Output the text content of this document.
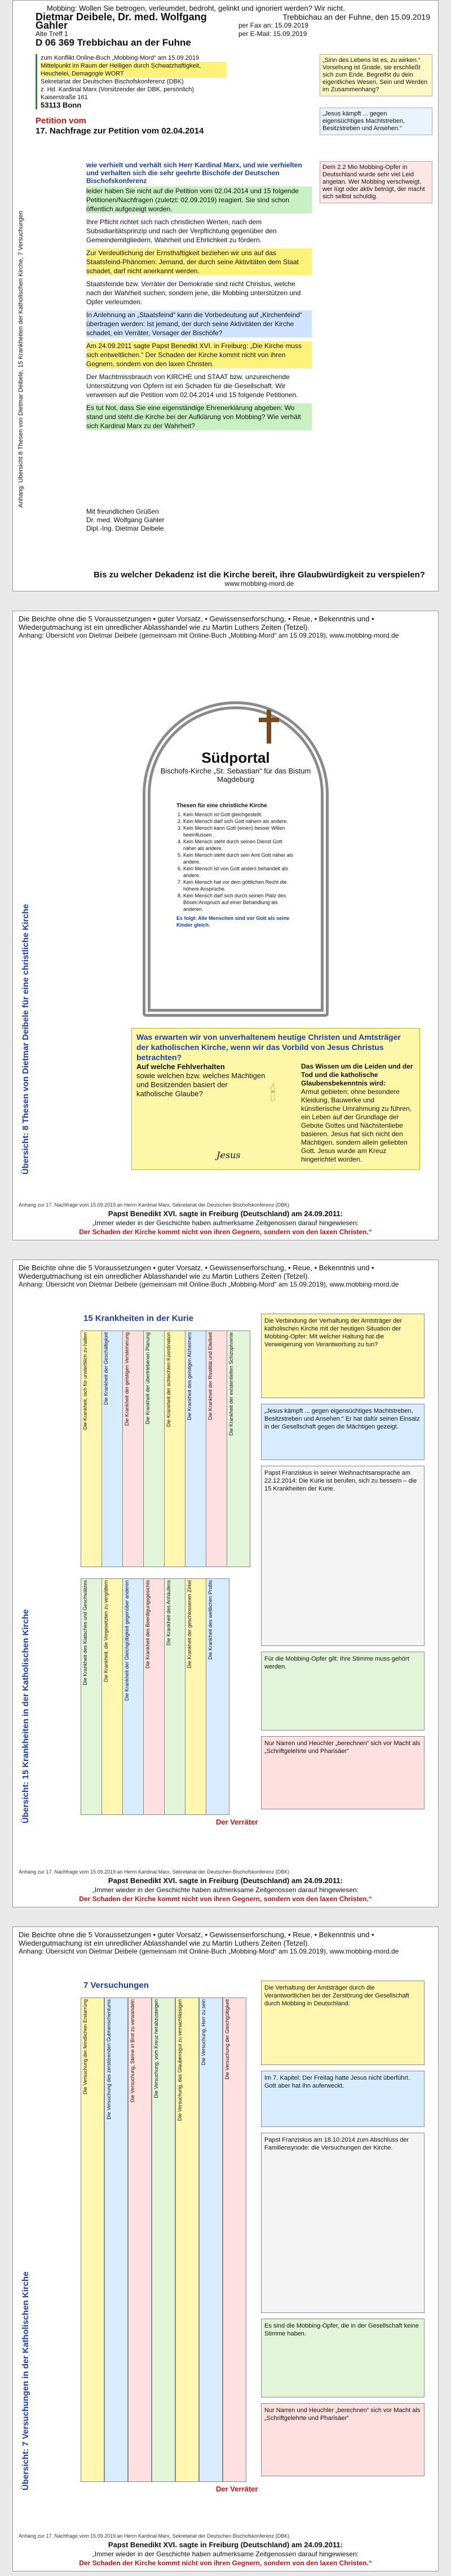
Mobbing: Wollen Sie betrogen, verleumdet, bedroht, gelinkt und ignoriert werden? Wir nicht.
Dietmar Deibele, Dr. med. Wolfgang Gahler
Alte Treff 1
D 06 369 Trebbichau an der Fuhne
Trebbichau an der Fuhne, den 15.09.2019
per Fax an: 15.09.2019
per E-Mail: 15.09.2019
zum Konflikt Online-Buch „Mobbing-Mord“ am 15.09.2019
Mittelpunkt im Raum der Heiligen durch Schwatzhaftigkeit, Heuchelei, Demagogie WORT
Sekretariat der Deutschen Bischofskonferenz (DBK)
z. Hd. Kardinal Marx (Vorsitzender der DBK, persönlich)
Kaiserstraße 161
53113 Bonn
„Sinn des Lebens ist es, zu wirken.“ Vorsehung ist Gnade, sie erschließt sich zum Ende. Begreifst du dein eigentliches Wesen, Sein und Werden im Zusammenhang?
„Jesus kämpft ... gegen eigensüchtiges Machtstreben, Besitzstreben und Ansehen.“
Dem 2.2 Mio Mobbing-Opfer in Deutschland wurde sehr viel Leid angetan. Wer Mobbing verschweigt, wer lügt oder aktiv betrügt, der macht sich selbst schuldig.
Petition vom
17. Nachfrage zur Petition vom 02.04.2014
wie verhielt und verhält sich Herr Kardinal Marx, und wie verhielten und verhalten sich die sehr geehrte Bischöfe der Deutschen Bischofskonferenz

leider haben Sie nicht auf die Petition vom 02.04.2014 und 15 folgende Petitionen/Nachfragen (zuletzt: 02.09.2019) reagiert. Sie sind schon öffentlich aufgezeigt worden.

Ihre Pflicht richtet sich nach christlichen Werten, nach dem Subsidiaritätsprinzip und nach der Verpflichtung gegenüber den Gemeindemitgliedern, Wahrheit und Ehrlichkeit zu fördern.

Zur Verdeutlichung der Ernsthaftigkeit beziehen wir uns auf das Staatsfeind-Phänomen: Jemand, der durch seine Aktivitäten dem Staat schadet, darf nicht anerkannt werden.

Staatsfeinde bzw. Verräter der Demokratie sind nicht Christus, welche nach der Wahrheit suchen, sondern jene, die Mobbing unterstützen und Opfer verleumden.

In Anlehnung an „Staatsfeind“ kann die Vorbedeutung auf „Kirchenfeind“ übertragen werden: Ist jemand, der durch seine Aktivitäten der Kirche schadet, ein Verräter, Versager der Bischöfe?

Am 24.09.2011 sagte Papst Benedikt XVI. in Freiburg: „Die Kirche muss sich entweltlichen.“ Der Schaden der Kirche kommt nicht von ihren Gegnern, sondern von den laxen Christen.

Der Machtmissbrauch von KIRCHE und STAAT bzw. unzureichende Unterstützung von Opfern ist ein Schaden für die Gesellschaft. Wir verweisen auf die Petition vom 02.04.2014 und 15 folgende Petitionen.

Es tut Not, dass Sie eine eigenständige Ehrenerklärung abgeben: Wo stand und steht die Kirche bei der Aufklärung von Mobbing? Wie verhält sich Kardinal Marx zu der Wahrheit?

Mit freundlichen Grüßen
Dr. med. Wolfgang Gahler
Dipl.-Ing. Dietmar Deibele
Anhang: Übersicht 8 Thesen von Dietmar Deibele, 15 Krankheiten der Katholischen Kirche, 7 Versuchungen
Bis zu welcher Dekadenz ist die Kirche bereit, ihre Glaubwürdigkeit zu verspielen?
www.mobbing-mord.de
Die Beichte ohne die 5 Voraussetzungen • guter Vorsatz, • Gewissenserforschung, • Reue, • Bekenntnis und • Wiedergutmachung ist ein unredlicher Ablasshandel wie zu Martin Luthers Zeiten (Tetzel).
Anhang: Übersicht von Dietmar Deibele (gemeinsam mit Online-Buch „Mobbing-Mord“ am 15.09.2019), www.mobbing-mord.de
Übersicht: 8 Thesen von Dietmar Deibele für eine christliche Kirche
Südportal
Bischofs-Kirche „St. Sebastian“ für das Bistum Magdeburg
Thesen für eine christliche Kirche
1. Kein Mensch ist Gott gleichgestellt.
2. Kein Mensch darf sich Gott nähern als andere.
3. Kein Mensch kann Gott (einen) besser Willen beeinflussen.
4. Kein Mensch steht durch seinen Dienst Gott näher als andere.
5. Kein Mensch steht durch sein Amt Gott näher als andere.
6. Kein Mensch ist von Gott anders behandelt als andere.
7. Kein Mensch hat vor dem göttlichen Recht die höhere Ansprüche.
8. Kein Mensch darf sich durch seinen Platz des Bösen Anspruch auf einer Behandlung als anderen.
Es folgt: Alle Menschen sind vor Gott als seine Kinder gleich.
Was erwarten wir von unverhaltenem heutige Christen und Amtsträger der katholischen Kirche, wenn wir das Vorbild von Jesus Christus betrachten?
Auf welche Fehlverhalten
sowie welchen bzw. welches Mächtigen und Besitzenden basiert der katholische Glaube?	🕯
Das Wissen um die Leiden und der Tod und die katholische Glaubensbekenntnis wird:
Armut gebieten; ohne besondere Kleidung, Bauwerke und künstlerische Umrahmung zu führen, ein Leben auf der Grundlage der Gebote Gottes und Nächstenliebe basieren. Jesus hat sich nicht den Mächtigen, sondern allein geliebten Gott. Jesus wurde am Kreuz hingerichtet worden.
Jesus
Anhang zur 17. Nachfrage vom 15.09.2019 an Herrn Kardinal Marx, Sekretariat der Deutschen Bischofskonferenz (DBK)
Papst Benedikt XVI. sagte in Freiburg (Deutschland) am 24.09.2011:
„Immer wieder in der Geschichte haben aufmerksame Zeitgenossen darauf hingewiesen:
Der Schaden der Kirche kommt nicht von ihren Gegnern, sondern von den laxen Christen.“
Die Beichte ohne die 5 Voraussetzungen • guter Vorsatz, • Gewissenserforschung, • Reue, • Bekenntnis und • Wiedergutmachung ist ein unredlicher Ablasshandel wie zu Martin Luthers Zeiten (Tetzel).
Anhang: Übersicht von Dietmar Deibele (gemeinsam mit Online-Buch „Mobbing-Mord“ am 15.09.2019), www.mobbing-mord.de
Übersicht: 15 Krankheiten in der Katholischen Kirche
15 Krankheiten in der Kurie
Die Krankheit, sich für unsterblich zu halten	Die Krankheit der Geschäftigkeit	Die Krankheit der geistigen Versteinerung	Die Krankheit der übertriebenen Planung	Die Krankheit der schlechten Koordination	Die Krankheit des geistigen Alzheimers	Die Krankheit der Rivalität und Eitelkeit	Die Krankheit der existentiellen Schizophrenie
Die Krankheit des Klatsches und Geschwätzes	Die Krankheit, die Vorgesetzten zu vergöttern	Die Krankheit der Gleichgültigkeit gegenüber anderen	Die Krankheit des Beerdigungsgesichts	Die Krankheit des Anhäufens	Die Krankheit der geschlossenen Zirkel	Die Krankheit des weltlichen Profits
Die Verbindung der Verhaltung der Amtsträger der katholischen Kirche mit der heutigen Situation der Mobbing-Opfer: Mit welcher Haltung hat die Verweigerung von Verantwortung zu tun?
„Jesus kämpft ... gegen eigensüchtiges Machtstreben, Besitzstreben und Ansehen.“ Er hat dafür seinen Einsatz in der Gesellschaft gegen die Mächtigen gezeigt.
Papst Franziskus in seiner Weihnachtsansprache am 22.12.2014: Die Kurie ist berufen, sich zu bessern – die 15 Krankheiten der Kurie.
Für die Mobbing-Opfer gilt: Ihre Stimme muss gehört werden.
Nur Narren und Heuchler „berechnen“ sich vor Macht als „Schriftgelehrte und Pharisäer“
Der Verräter
Anhang zur 17. Nachfrage vom 15.09.2019 an Herrn Kardinal Marx, Sekretariat der Deutschen Bischofskonferenz (DBK)
Papst Benedikt XVI. sagte in Freiburg (Deutschland) am 24.09.2011:
„Immer wieder in der Geschichte haben aufmerksame Zeitgenossen darauf hingewiesen:
Der Schaden der Kirche kommt nicht von ihren Gegnern, sondern von den laxen Christen.“
Die Beichte ohne die 5 Voraussetzungen • guter Vorsatz, • Gewissenserforschung, • Reue, • Bekenntnis und • Wiedergutmachung ist ein unredlicher Ablasshandel wie zu Martin Luthers Zeiten (Tetzel).
Anhang: Übersicht von Dietmar Deibele (gemeinsam mit Online-Buch „Mobbing-Mord“ am 15.09.2019), www.mobbing-mord.de
Übersicht: 7 Versuchungen in der Katholischen Kirche
7 Versuchungen
Die Versuchung der feindlichen Erstarrung	Die Versuchung des zerstörenden Gutmenschentums	Die Versuchung, Steine in Brot zu verwandeln	Die Versuchung, vom Kreuz herabzusteigen	Die Versuchung, das Glaubensgut zu vernachlässigen	Die Versuchung, Herr zu sein	Die Versuchung der Gleichgültigkeit
Die Verhaltung der Amtsträger durch die Verantwortlichen bei der Zerstörung der Gesellschaft durch Mobbing in Deutschland.
Im 7. Kapitel: Der Freitag hatte Jesus nicht überführt. Gott aber hat ihn auferweckt.
Papst Franziskus am 18.10.2014 zum Abschluss der Familiensynode: die Versuchungen der Kirche.
Es sind die Mobbing-Opfer, die in der Gesellschaft keine Stimme haben.
Nur Narren und Heuchler „berechnen“ sich vor Macht als „Schriftgelehrte und Pharisäer“
Der Verräter
Anhang zur 17. Nachfrage vom 15.09.2019 an Herrn Kardinal Marx, Sekretariat der Deutschen Bischofskonferenz (DBK)
Papst Benedikt XVI. sagte in Freiburg (Deutschland) am 24.09.2011:
„Immer wieder in der Geschichte haben aufmerksame Zeitgenossen darauf hingewiesen:
Der Schaden der Kirche kommt nicht von ihren Gegnern, sondern von den laxen Christen.“
